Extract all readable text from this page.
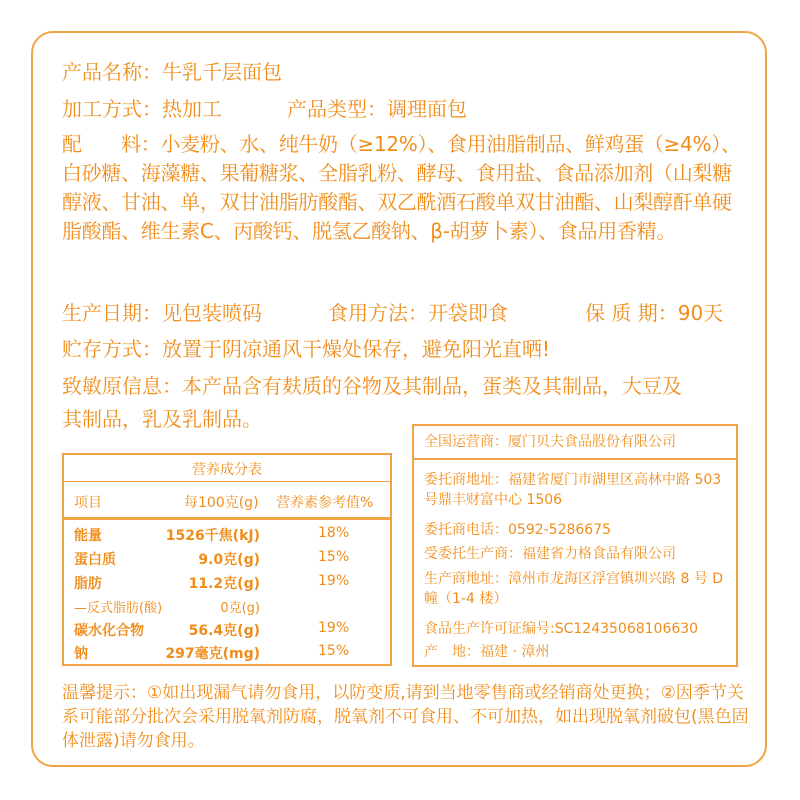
产品名称：牛乳千层面包
加工方式：热加工	产品类型：调理面包
配　　料：小麦粉、水、纯牛奶（≥12%）、食用油脂制品、鲜鸡蛋（≥4%）、白砂糖、海藻糖、果葡糖浆、全脂乳粉、酵母、食用盐、食品添加剂（山梨糖醇液、甘油、单，双甘油脂肪酸酯、双乙酰酒石酸单双甘油酯、山梨醇酐单硬脂酸酯、维生素C、丙酸钙、脱氢乙酸钠、β-胡萝卜素）、食品用香精。
生产日期：见包装喷码	食用方法：开袋即食	保 质 期：90天
贮存方式：放置于阴凉通风干燥处保存，避免阳光直晒!
致敏原信息：本产品含有麸质的谷物及其制品，蛋类及其制品，大豆及
其制品，乳及乳制品。
营养成分表
项目	每100克(g) 营养素参考值%
能量	1526千焦(kJ)	18%
蛋白质	9.0克(g)	15%
脂肪	11.2克(g)	19%
—反式脂肪(酸)	0克(g)
碳水化合物	56.4克(g)	19%
钠	297毫克(mg)	15%
全国运营商：厦门贝夫食品股份有限公司
委托商地址：福建省厦门市湖里区高林中路 503 号鼎丰财富中心 1506
委托商电话：0592-5286675
受委托生产商：福建省力格食品有限公司
生产商地址：漳州市龙海区浮宫镇圳兴路 8 号 D 幢（1-4 楼）
食品生产许可证编号:SC12435068106630
产　地：福建 · 漳州
温馨提示：①如出现漏气请勿食用，以防变质,请到当地零售商或经销商处更换；②因季节关系可能部分批次会采用脱氧剂防腐，脱氧剂不可食用、不可加热，如出现脱氧剂破包(黑色固体泄露)请勿食用。
